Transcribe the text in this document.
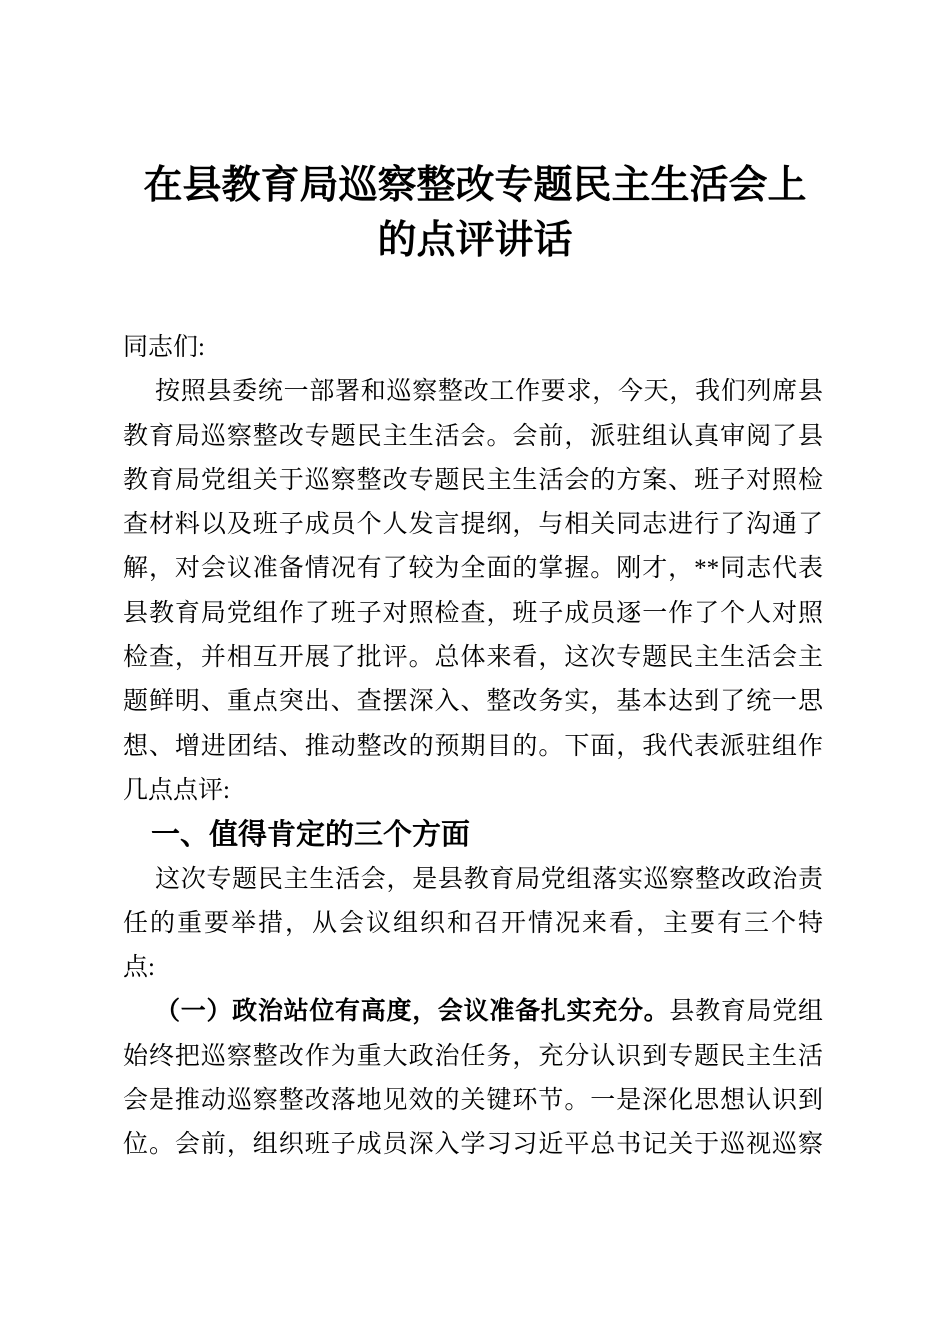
在县教育局巡察整改专题民主生活会上
的点评讲话
同志们:
按照县委统一部署和巡察整改工作要求，今天，我们列席县
教育局巡察整改专题民主生活会。会前，派驻组认真审阅了县
教育局党组关于巡察整改专题民主生活会的方案、班子对照检
查材料以及班子成员个人发言提纲，与相关同志进行了沟通了
解，对会议准备情况有了较为全面的掌握。刚才，**同志代表
县教育局党组作了班子对照检查，班子成员逐一作了个人对照
检查，并相互开展了批评。总体来看，这次专题民主生活会主
题鲜明、重点突出、查摆深入、整改务实，基本达到了统一思
想、增进团结、推动整改的预期目的。下面，我代表派驻组作
几点点评:
一、值得肯定的三个方面
这次专题民主生活会，是县教育局党组落实巡察整改政治责
任的重要举措，从会议组织和召开情况来看，主要有三个特
点:
（一）政治站位有高度，会议准备扎实充分。县教育局党组
始终把巡察整改作为重大政治任务，充分认识到专题民主生活
会是推动巡察整改落地见效的关键环节。一是深化思想认识到
位。会前，组织班子成员深入学习习近平总书记关于巡视巡察
